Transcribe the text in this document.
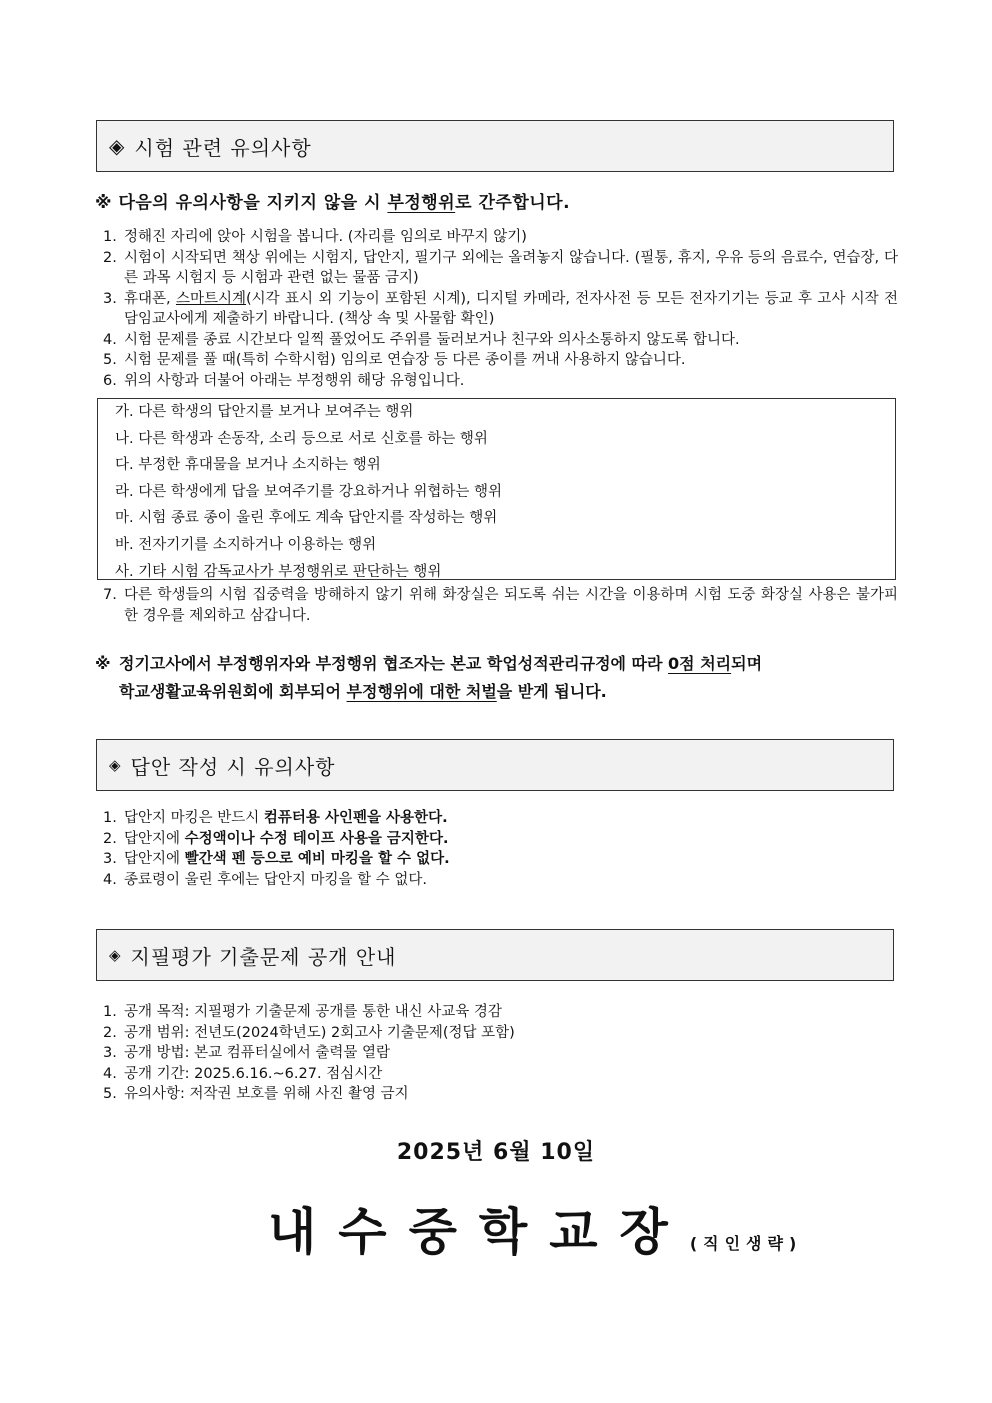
◈ 시험 관련 유의사항
※ 다음의 유의사항을 지키지 않을 시 부정행위로 간주합니다.
1. 정해진 자리에 앉아 시험을 봅니다. (자리를 임의로 바꾸지 않기)
2. 시험이 시작되면 책상 위에는 시험지, 답안지, 필기구 외에는 올려놓지 않습니다. (필통, 휴지, 우유 등의 음료수, 연습장, 다른 과목 시험지 등 시험과 관련 없는 물품 금지)
3. 휴대폰, 스마트시계(시각 표시 외 기능이 포함된 시계), 디지털 카메라, 전자사전 등 모든 전자기기는 등교 후 고사 시작 전 담임교사에게 제출하기 바랍니다. (책상 속 및 사물함 확인)
4. 시험 문제를 종료 시간보다 일찍 풀었어도 주위를 둘러보거나 친구와 의사소통하지 않도록 합니다.
5. 시험 문제를 풀 때(특히 수학시험) 임의로 연습장 등 다른 종이를 꺼내 사용하지 않습니다.
6. 위의 사항과 더불어 아래는 부정행위 해당 유형입니다.
가. 다른 학생의 답안지를 보거나 보여주는 행위
나. 다른 학생과 손동작, 소리 등으로 서로 신호를 하는 행위
다. 부정한 휴대물을 보거나 소지하는 행위
라. 다른 학생에게 답을 보여주기를 강요하거나 위협하는 행위
마. 시험 종료 종이 울린 후에도 계속 답안지를 작성하는 행위
바. 전자기기를 소지하거나 이용하는 행위
사. 기타 시험 감독교사가 부정행위로 판단하는 행위
7. 다른 학생들의 시험 집중력을 방해하지 않기 위해 화장실은 되도록 쉬는 시간을 이용하며 시험 도중 화장실 사용은 불가피한 경우를 제외하고 삼갑니다.
※ 정기고사에서 부정행위자와 부정행위 협조자는 본교 학업성적관리규정에 따라 0점 처리되며
학교생활교육위원회에 회부되어 부정행위에 대한 처벌을 받게 됩니다.
◈ 답안 작성 시 유의사항
1. 답안지 마킹은 반드시 컴퓨터용 사인펜을 사용한다.
2. 답안지에 수정액이나 수정 테이프 사용을 금지한다.
3. 답안지에 빨간색 펜 등으로 예비 마킹을 할 수 없다.
4. 종료령이 울린 후에는 답안지 마킹을 할 수 없다.
◈ 지필평가 기출문제 공개 안내
1. 공개 목적: 지필평가 기출문제 공개를 통한 내신 사교육 경감
2. 공개 범위: 전년도(2024학년도) 2회고사 기출문제(정답 포함)
3. 공개 방법: 본교 컴퓨터실에서 출력물 열람
4. 공개 기간: 2025.6.16.~6.27. 점심시간
5. 유의사항: 저작권 보호를 위해 사진 촬영 금지
2025년 6월 10일
내수중학교장(직인생략)
